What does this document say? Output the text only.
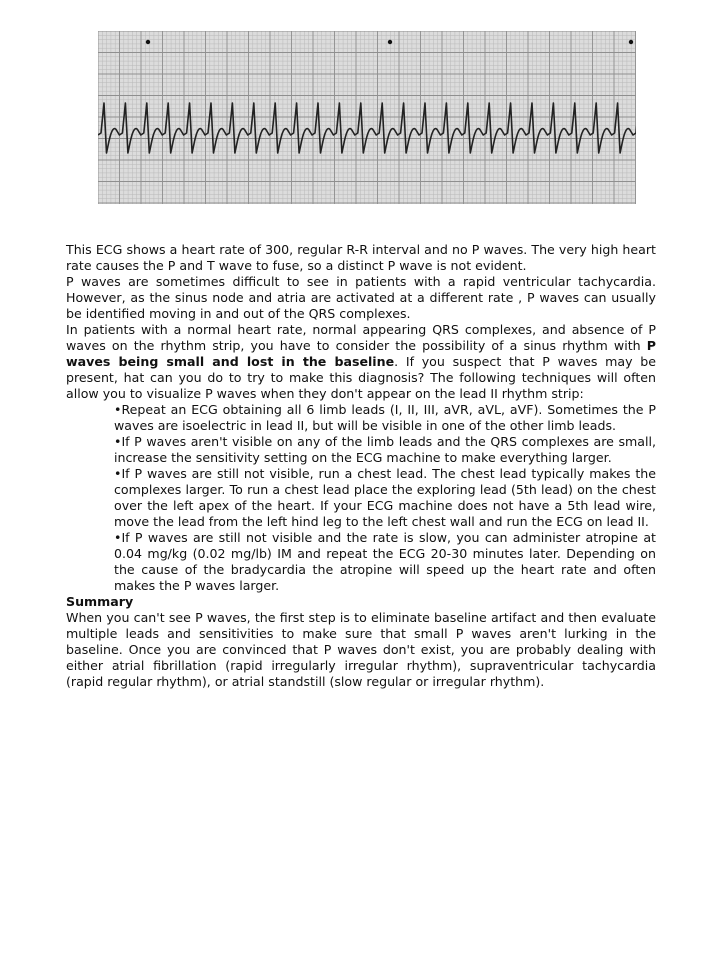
This ECG shows a heart rate of 300, regular R-R interval and no P waves. The very high heart rate causes the P and T wave to fuse, so a distinct P wave is not evident.

P waves are sometimes difficult to see in patients with a rapid ventricular tachycardia. However, as the sinus node and atria are activated at a different rate , P waves can usually be identified moving in and out of the QRS complexes.

In patients with a normal heart rate, normal appearing QRS complexes, and absence of P waves on the rhythm strip, you have to consider the possibility of a sinus rhythm with P waves being small and lost in the baseline. If you suspect that P waves may be present, hat can you do to try to make this diagnosis? The following techniques will often allow you to visualize P waves when they don't appear on the lead II rhythm strip:

• Repeat an ECG obtaining all 6 limb leads (I, II, III, aVR, aVL, aVF). Sometimes the P waves are isoelectric in lead II, but will be visible in one of the other limb leads.
• If P waves aren't visible on any of the limb leads and the QRS complexes are small, increase the sensitivity setting on the ECG machine to make everything larger.
• If P waves are still not visible, run a chest lead. The chest lead typically makes the complexes larger. To run a chest lead place the exploring lead (5th lead) on the chest over the left apex of the heart. If your ECG machine does not have a 5th lead wire, move the lead from the left hind leg to the left chest wall and run the ECG on lead II.
• If P waves are still not visible and the rate is slow, you can administer atropine at 0.04 mg/kg (0.02 mg/lb) IM and repeat the ECG 20-30 minutes later. Depending on the cause of the bradycardia the atropine will speed up the heart rate and often makes the P waves larger.
Summary

When you can't see P waves, the first step is to eliminate baseline artifact and then evaluate multiple leads and sensitivities to make sure that small P waves aren't lurking in the baseline. Once you are convinced that P waves don't exist, you are probably dealing with either atrial fibrillation (rapid irregularly irregular rhythm), supraventricular tachycardia (rapid regular rhythm), or atrial standstill (slow regular or irregular rhythm).
